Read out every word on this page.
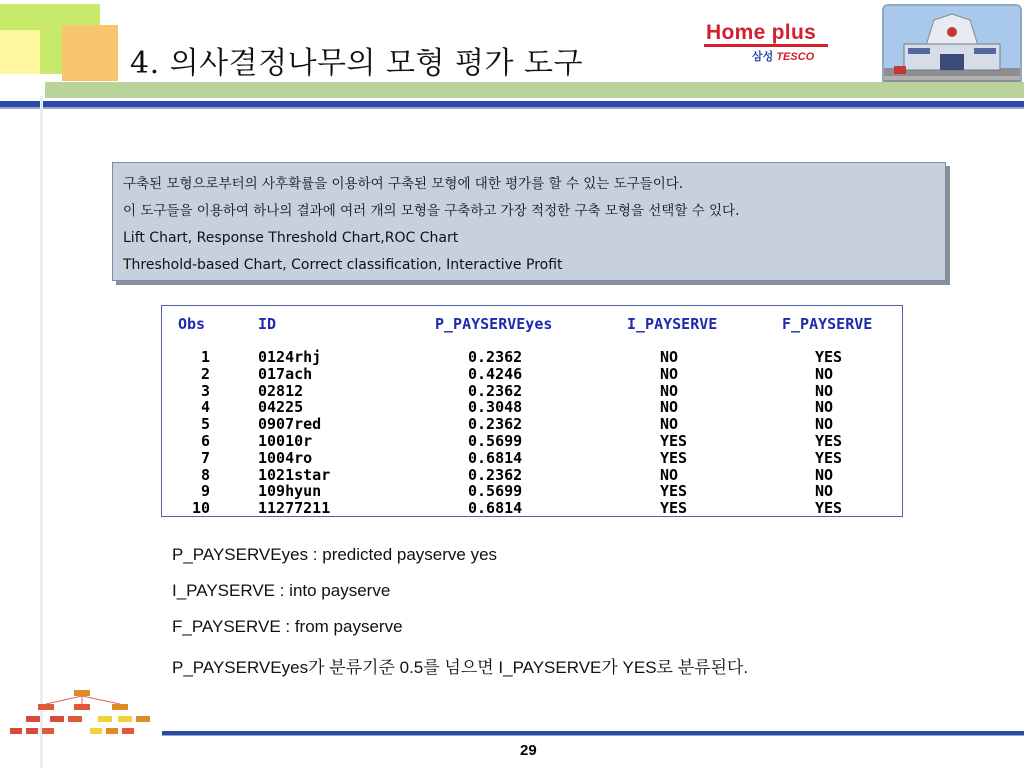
4. 의사결정나무의 모형 평가 도구
Home plus
삼성 TESCO
구축된 모형으로부터의 사후확률을 이용하여 구축된 모형에 대한 평가를 할 수 있는 도구들이다.
이 도구들을 이용하여 하나의 결과에 여러 개의 모형을 구축하고 가장 적정한 구축 모형을 선택할 수 있다.
Lift Chart, Response Threshold Chart,ROC Chart
Threshold-based Chart, Correct classification, Interactive Profit
Obs	ID	P_PAYSERVEyes	I_PAYSERVE	F_PAYSERVE
1	0124rhj	0.2362	NO	YES
2	017ach	0.4246	NO	NO
3	02812	0.2362	NO	NO
4	04225	0.3048	NO	NO
5	0907red	0.2362	NO	NO
6	10010r	0.5699	YES	YES
7	1004ro	0.6814	YES	YES
8	1021star	0.2362	NO	NO
9	109hyun	0.5699	YES	NO
10	11277211	0.6814	YES	YES
P_PAYSERVEyes : predicted payserve yes
I_PAYSERVE : into payserve
F_PAYSERVE : from payserve
P_PAYSERVEyes가 분류기준 0.5를 넘으면 I_PAYSERVE가 YES로 분류된다.
29
